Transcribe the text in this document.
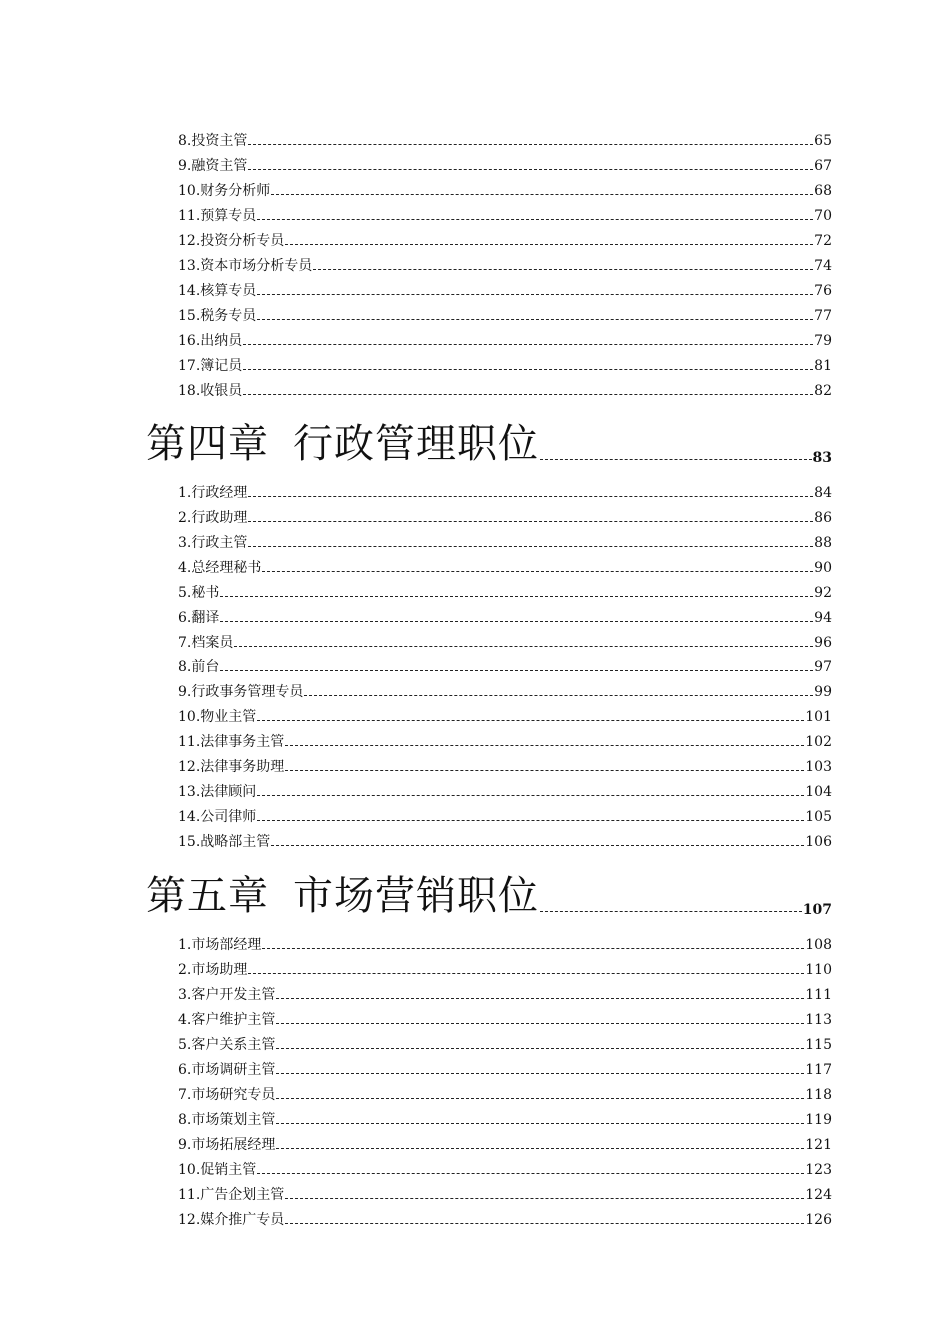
8.投资主管	65
9.融资主管	67
10.财务分析师	68
11.预算专员	70
12.投资分析专员	72
13.资本市场分析专员	74
14.核算专员	76
15.税务专员	77
16.出纳员	79
17.簿记员	81
18.收银员	82
第四章 行政管理职位	83
1.行政经理	84
2.行政助理	86
3.行政主管	88
4.总经理秘书	90
5.秘书	92
6.翻译	94
7.档案员	96
8.前台	97
9.行政事务管理专员	99
10.物业主管	101
11.法律事务主管	102
12.法律事务助理	103
13.法律顾问	104
14.公司律师	105
15.战略部主管	106
第五章 市场营销职位	107
1.市场部经理	108
2.市场助理	110
3.客户开发主管	111
4.客户维护主管	113
5.客户关系主管	115
6.市场调研主管	117
7.市场研究专员	118
8.市场策划主管	119
9.市场拓展经理	121
10.促销主管	123
11.广告企划主管	124
12.媒介推广专员	126
